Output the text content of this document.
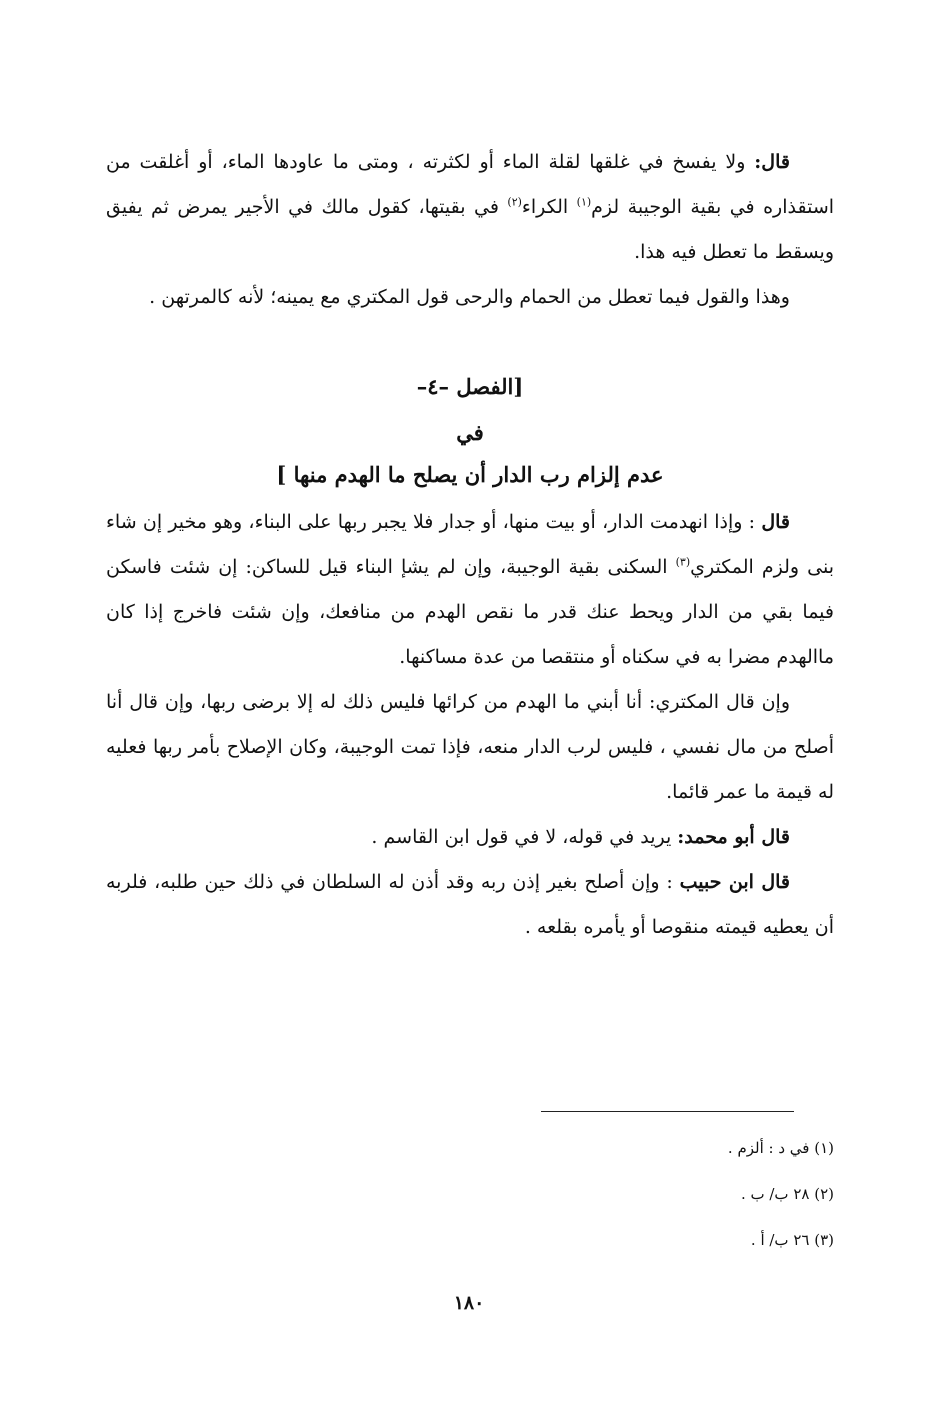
قال: ولا يفسخ في غلقها لقلة الماء أو لكثرته ، ومتى ما عاودها الماء، أو أغلقت من استقذاره في بقية الوجيبة لزم$^{(١)}$ الكراء$^{(٢)}$ في بقيتها، كقول مالك في الأجير يمرض ثم يفيق ويسقط ما تعطل فيه هذا.

وهذا والقول فيما تعطل من الحمام والرحى قول المكتري مع يمينه؛ لأنه كالمرتهن .

[الفصل –٤–
في
عدم إلزام رب الدار أن يصلح ما الهدم منها ]

قال : وإذا انهدمت الدار، أو بيت منها، أو جدار فلا يجبر ربها على البناء، وهو مخير إن شاء بنى ولزم المكتري$^{(٣)}$ السكنى بقية الوجيبة، وإن لم يشإ البناء قيل للساكن: إن شئت فاسكن فيما بقي من الدار ويحط عنك قدر ما نقص الهدم من منافعك، وإن شئت فاخرج إذا كان ماالهدم مضرا به في سكناه أو منتقصا من عدة مساكنها.

وإن قال المكتري: أنا أبني ما الهدم من كرائها فليس ذلك له إلا برضى ربها، وإن قال أنا أصلح من مال نفسي ، فليس لرب الدار منعه، فإذا تمت الوجيبة، وكان الإصلاح بأمر ربها فعليه له قيمة ما عمر قائما.

قال أبو محمد: يريد في قوله، لا في قول ابن القاسم .

قال ابن حبيب : وإن أصلح بغير إذن ربه وقد أذن له السلطان في ذلك حين طلبه، فلربه أن يعطيه قيمته منقوصا أو يأمره بقلعه .

(١) في د : ألزم .
(٢) ٢٨ ب/ ب .
(٣) ٢٦ ب/ أ .
١٨٠
